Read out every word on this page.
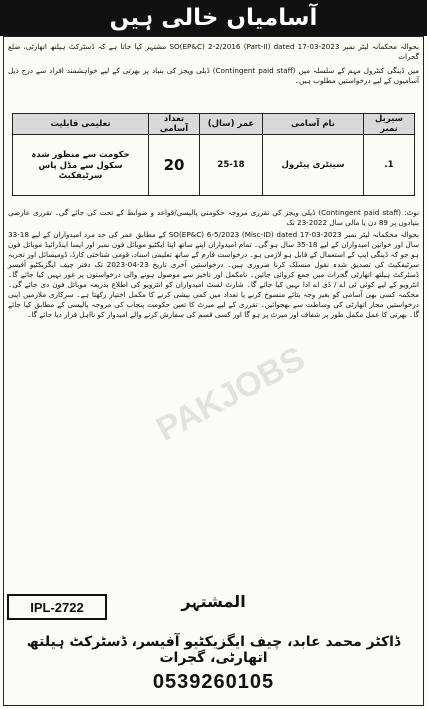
آسامیاں خالی ہیں
بحوالہ محکمانہ لیٹر نمبر SO(EP&C) 2-2/2016 (Part-II) dated 17-03-2023 مشتہر کیا جاتا ہے کہ ڈسٹرکٹ ہیلتھ اتھارٹی، ضلع گجرات
میں ڈینگی کنٹرول مہم کے سلسلہ میں (Contingent paid staff) ڈیلی ویجز کی بنیاد پر بھرتی کے لیے خواہشمند افراد سے درج ذیل آسامیوں کے لیے درخواستیں مطلوب ہیں۔
سیریل نمبر	نام آسامی	عمر (سال)	تعداد آسامی	تعلیمی قابلیت
1.	سینٹری پیٹرول	25-18	20	حکومت سے منظور شدہ سکول سے مڈل پاس سرٹیفکیٹ
نوٹ: (Contingent paid staff) ڈیلی ویجز کی تقرری مروجہ حکومتی پالیسی/قواعد و ضوابط کے تحت کی جائے گی۔ تقرری عارضی بنیادوں پر 89 دن یا مالی سال 2022-23 تک
بحوالہ محکمانہ لیٹر نمبر SO(EP&C) 6-5/2023 (Misc-ID) dated 17-03-2023 کے مطابق عمر کی حد مرد امیدواران کے لیے 18-33 سال اور خواتین امیدواران کے لیے 18-35 سال ہو گی۔ تمام امیدواران اپنے ساتھ اپنا ایکٹیو موبائل فون نمبر اور ایسا اینڈرائیڈ موبائل فون ہو جو کہ ڈینگی ایپ کے استعمال کے قابل ہو لازمی ہو۔ درخواست فارم کے ساتھ تعلیمی اسناد، قومی شناختی کارڈ، ڈومیسائل اور تجربہ سرٹیفکیٹ کی تصدیق شدہ نقول منسلک کرنا ضروری ہیں۔ درخواستیں آخری تاریخ 23-04-2023 تک دفتر چیف ایگزیکٹیو آفیسر ڈسٹرکٹ ہیلتھ اتھارٹی گجرات میں جمع کروائی جائیں۔ نامکمل اور تاخیر سے موصول ہونے والی درخواستوں پر غور نہیں کیا جائے گا۔ انٹرویو کے لیے کوئی ٹی اے / ڈی اے ادا نہیں کیا جائے گا۔ شارٹ لسٹ امیدواران کو انٹرویو کی اطلاع بذریعہ موبائل فون دی جائے گی۔ محکمہ کسی بھی آسامی کو بغیر وجہ بتائے منسوخ کرنے یا تعداد میں کمی بیشی کرنے کا مکمل اختیار رکھتا ہے۔ سرکاری ملازمین اپنی درخواستیں مجاز اتھارٹی کی وساطت سے بھجوائیں۔ تقرری کے لیے میرٹ کا تعین حکومت پنجاب کی مروجہ پالیسی کے مطابق کیا جائے گا۔ بھرتی کا عمل مکمل طور پر شفاف اور میرٹ پر ہو گا اور کسی قسم کی سفارش کرنے والے امیدوار کو نااہل قرار دیا جائے گا۔
PAKJOBS
IPL-2722	المشتہر
ڈاکٹر محمد عابد، چیف ایگزیکٹیو آفیسر، ڈسٹرکٹ ہیلتھ اتھارٹی، گجرات
0539260105
